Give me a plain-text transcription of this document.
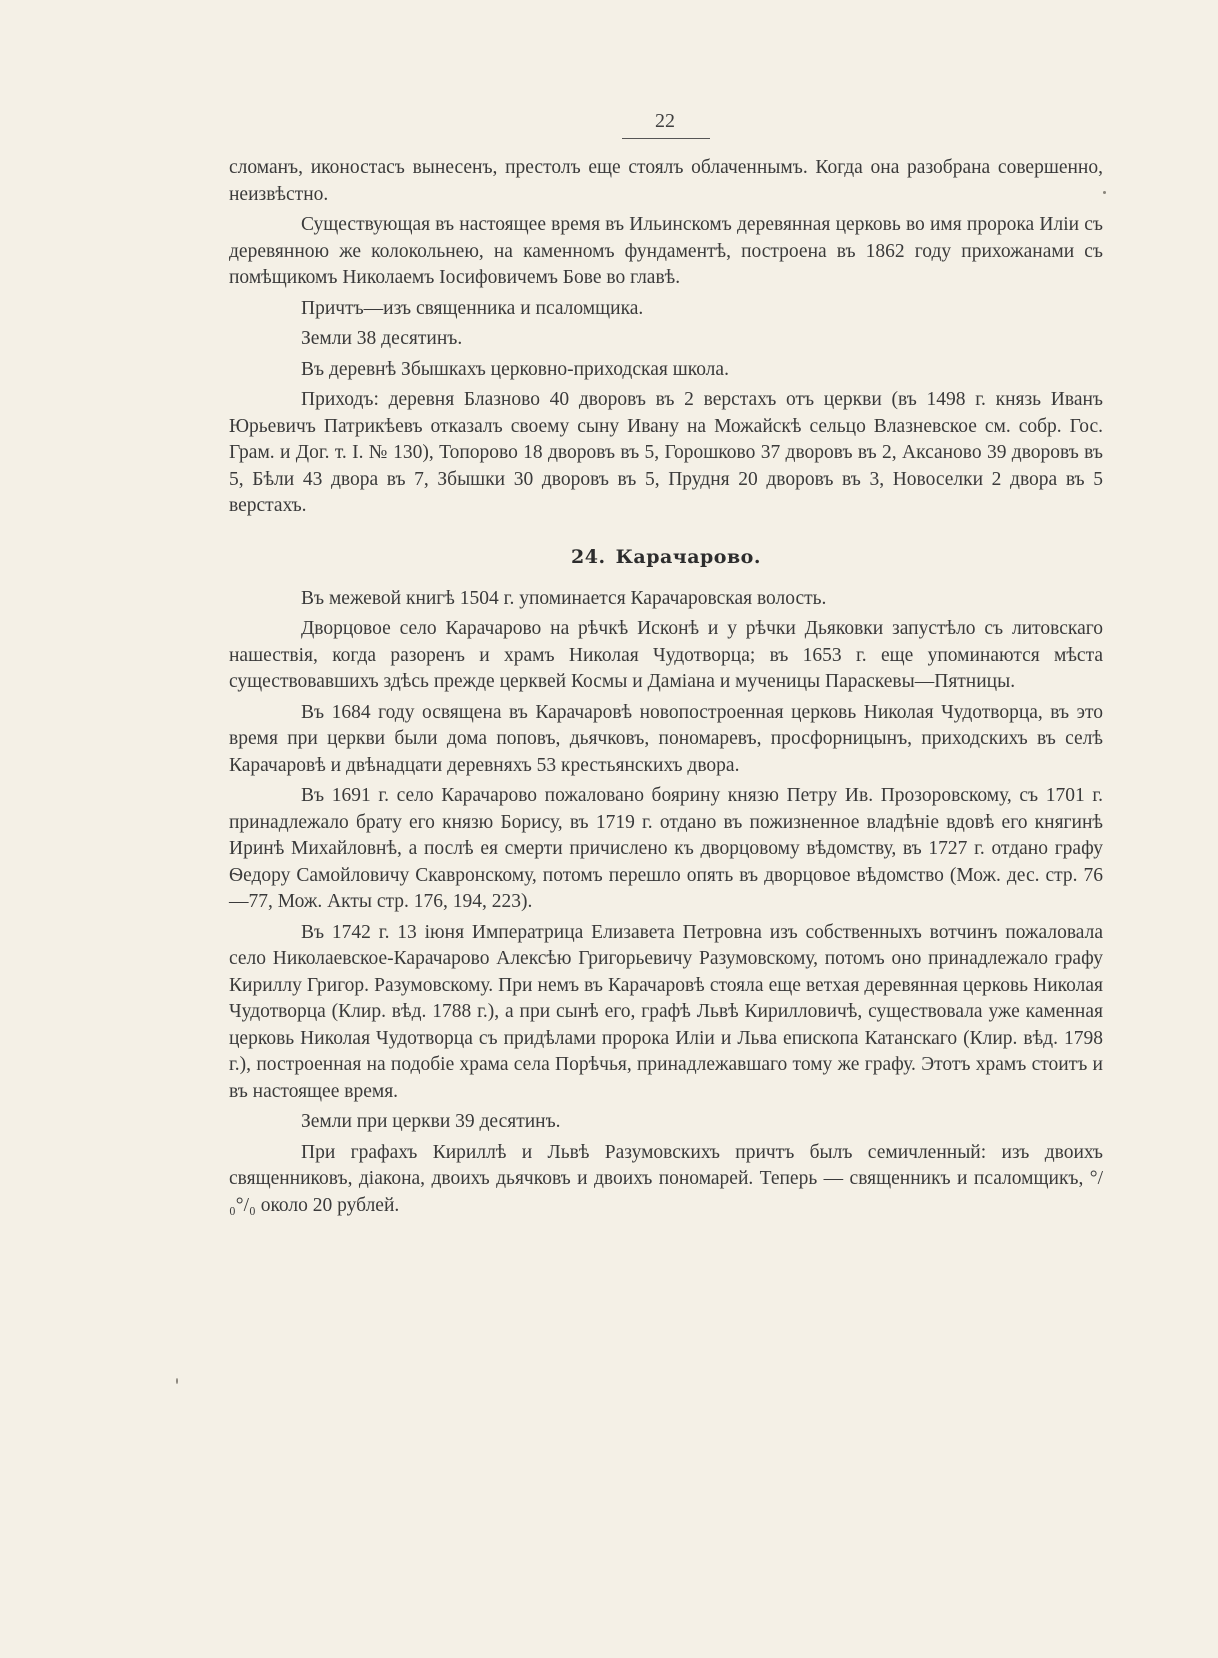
22

сломанъ, иконостасъ вынесенъ, престолъ еще стоялъ облаченнымъ. Когда она разобрана совершенно, неизвѣстно.

Существующая въ настоящее время въ Ильинскомъ деревянная церковь во имя пророка Иліи съ деревянною же колокольнею, на каменномъ фундаментѣ, построена въ 1862 году прихожанами съ помѣщикомъ Николаемъ Іосифовичемъ Бове во главѣ.

Причтъ—изъ священника и псаломщика.

Земли 38 десятинъ.

Въ деревнѣ Збышкахъ церковно-приходская школа.

Приходъ: деревня Блазново 40 дворовъ въ 2 верстахъ отъ церкви (въ 1498 г. князь Иванъ Юрьевичъ Патрикѣевъ отказалъ своему сыну Ивану на Можайскѣ сельцо Влазневское см. собр. Гос. Грам. и Дог. т. I. № 130), Топорово 18 дворовъ въ 5, Горошково 37 дворовъ въ 2, Аксаново 39 дворовъ въ 5, Бѣли 43 двора въ 7, Збышки 30 дворовъ въ 5, Прудня 20 дворовъ въ 3, Новоселки 2 двора въ 5 верстахъ.

24. Карачарово.

Въ межевой книгѣ 1504 г. упоминается Карачаровская волость.

Дворцовое село Карачарово на рѣчкѣ Исконѣ и у рѣчки Дьяковки запустѣло съ литовскаго нашествія, когда разоренъ и храмъ Николая Чудотворца; въ 1653 г. еще упоминаются мѣста существовавшихъ здѣсь прежде церквей Космы и Даміана и мученицы Параскевы—Пятницы.

Въ 1684 году освящена въ Карачаровѣ новопостроенная церковь Николая Чудотворца, въ это время при церкви были дома поповъ, дьячковъ, пономаревъ, просфорницынъ, приходскихъ въ селѣ Карачаровѣ и двѣнадцати деревняхъ 53 крестьянскихъ двора.

Въ 1691 г. село Карачарово пожаловано боярину князю Петру Ив. Прозоровскому, съ 1701 г. принадлежало брату его князю Борису, въ 1719 г. отдано въ пожизненное владѣніе вдовѣ его княгинѣ Иринѣ Михайловнѣ, а послѣ ея смерти причислено къ дворцовому вѣдомству, въ 1727 г. отдано графу Ѳедору Самойловичу Скавронскому, потомъ перешло опять въ дворцовое вѣдомство (Мож. дес. стр. 76—77, Мож. Акты стр. 176, 194, 223).

Въ 1742 г. 13 іюня Императрица Елизавета Петровна изъ собственныхъ вотчинъ пожаловала село Николаевское-Карачарово Алексѣю Григорьевичу Разумовскому, потомъ оно принадлежало графу Кириллу Григор. Разумовскому. При немъ въ Карачаровѣ стояла еще ветхая деревянная церковь Николая Чудотворца (Клир. вѣд. 1788 г.), а при сынѣ его, графѣ Львѣ Кирилловичѣ, существовала уже каменная церковь Николая Чудотворца съ придѣлами пророка Иліи и Льва епископа Катанскаго (Клир. вѣд. 1798 г.), построенная на подобіе храма села Порѣчья, принадлежавшаго тому же графу. Этотъ храмъ стоитъ и въ настоящее время.

Земли при церкви 39 десятинъ.

При графахъ Кириллѣ и Львѣ Разумовскихъ причтъ былъ семичленный: изъ двоихъ священниковъ, діакона, двоихъ дьячковъ и двоихъ пономарей. Теперь — священникъ и псаломщикъ, °/₀°/₀ около 20 рублей.
